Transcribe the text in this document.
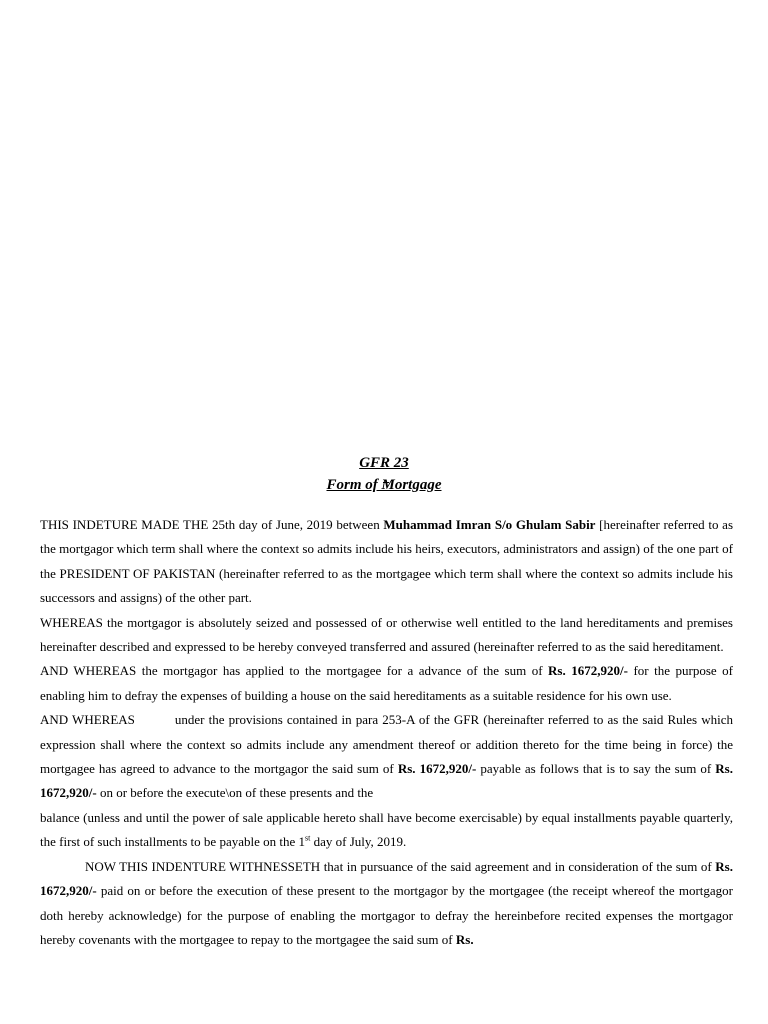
GFR 23
Form of Mortgage

THIS INDETURE MADE THE 25th day of June, 2019 between Muhammad Imran S/o Ghulam Sabir [hereinafter referred to as the mortgagor which term shall where the context so admits include his heirs, executors, administrators and assign) of the one part of the PRESIDENT OF PAKISTAN (hereinafter referred to as the mortgagee which term shall where the context so admits include his successors and assigns) of the other part.

WHEREAS the mortgagor is absolutely seized and possessed of or otherwise well entitled to the land hereditaments and premises hereinafter described and expressed to be hereby conveyed transferred and assured (hereinafter referred to as the said hereditament.

AND WHEREAS the mortgagor has applied to the mortgagee for a advance of the sum of Rs. 1672,920/- for the purpose of enabling him to defray the expenses of building a house on the said hereditaments as a suitable residence for his own use.

AND WHEREAS	under the provisions contained in para 253-A of the GFR (hereinafter referred to as the said Rules which expression shall where the context so admits include any amendment thereof or addition thereto for the time being in force) the mortgagee has agreed to advance to the mortgagor the said sum of Rs. 1672,920/- payable as follows that is to say the sum of Rs. 1672,920/- on or before the execute\on of these presents and the

balance (unless and until the power of sale applicable hereto shall have become exercisable) by equal installments payable quarterly, the first of such installments to be payable on the 1st day of July, 2019.

NOW THIS INDENTURE WITHNESSETH that in pursuance of the said agreement and in consideration of the sum of Rs. 1672,920/- paid on or before the execution of these present to the mortgagor by the mortgagee (the receipt whereof the mortgagor doth hereby acknowledge) for the purpose of enabling the mortgagor to defray the hereinbefore recited expenses the mortgagor hereby covenants with the mortgagee to repay to the mortgagee the said sum of Rs.
